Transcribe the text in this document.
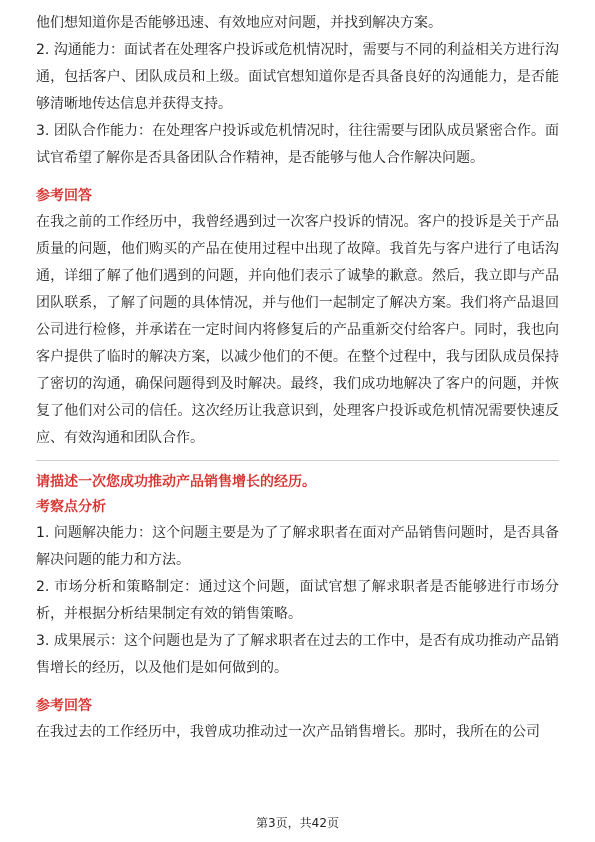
他们想知道你是否能够迅速、有效地应对问题，并找到解决方案。

2. 沟通能力：面试者在处理客户投诉或危机情况时，需要与不同的利益相关方进行沟通，包括客户、团队成员和上级。面试官想知道你是否具备良好的沟通能力，是否能够清晰地传达信息并获得支持。

3. 团队合作能力：在处理客户投诉或危机情况时，往往需要与团队成员紧密合作。面试官希望了解你是否具备团队合作精神，是否能够与他人合作解决问题。

参考回答

在我之前的工作经历中，我曾经遇到过一次客户投诉的情况。客户的投诉是关于产品质量的问题，他们购买的产品在使用过程中出现了故障。我首先与客户进行了电话沟通，详细了解了他们遇到的问题，并向他们表示了诚挚的歉意。然后，我立即与产品团队联系，了解了问题的具体情况，并与他们一起制定了解决方案。我们将产品退回公司进行检修，并承诺在一定时间内将修复后的产品重新交付给客户。同时，我也向客户提供了临时的解决方案，以减少他们的不便。在整个过程中，我与团队成员保持了密切的沟通，确保问题得到及时解决。最终，我们成功地解决了客户的问题，并恢复了他们对公司的信任。这次经历让我意识到，处理客户投诉或危机情况需要快速反应、有效沟通和团队合作。

请描述一次您成功推动产品销售增长的经历。

考察点分析

1. 问题解决能力：这个问题主要是为了了解求职者在面对产品销售问题时，是否具备解决问题的能力和方法。

2. 市场分析和策略制定：通过这个问题，面试官想了解求职者是否能够进行市场分析，并根据分析结果制定有效的销售策略。

3. 成果展示：这个问题也是为了了解求职者在过去的工作中，是否有成功推动产品销售增长的经历，以及他们是如何做到的。

参考回答

在我过去的工作经历中，我曾成功推动过一次产品销售增长。那时，我所在的公司

第3页，共42页
